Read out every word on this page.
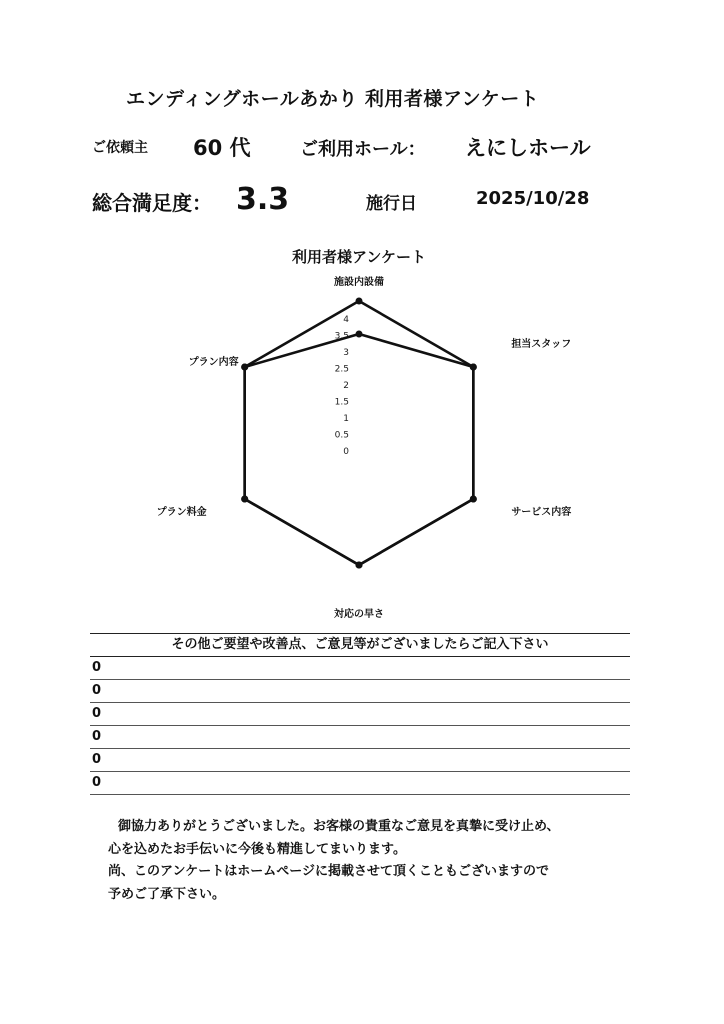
エンディングホールあかり 利用者様アンケート
ご依頼主 60 代	ご利用ホール： えにしホール
総合満足度： 3.3	施行日	2025/10/28
利用者様アンケート
0
0.5
1
1.5
2
2.5
3
3.5
4
施設内設備
担当スタッフ
サービス内容
対応の早さ
プラン料金
プラン内容
その他ご要望や改善点、ご意見等がございましたらご記入下さい
0
0
0
0
0
0
御協力ありがとうございました。お客様の貴重なご意見を真摯に受け止め、
心を込めたお手伝いに今後も精進してまいります。
尚、このアンケートはホームページに掲載させて頂くこともございますので
予めご了承下さい。
